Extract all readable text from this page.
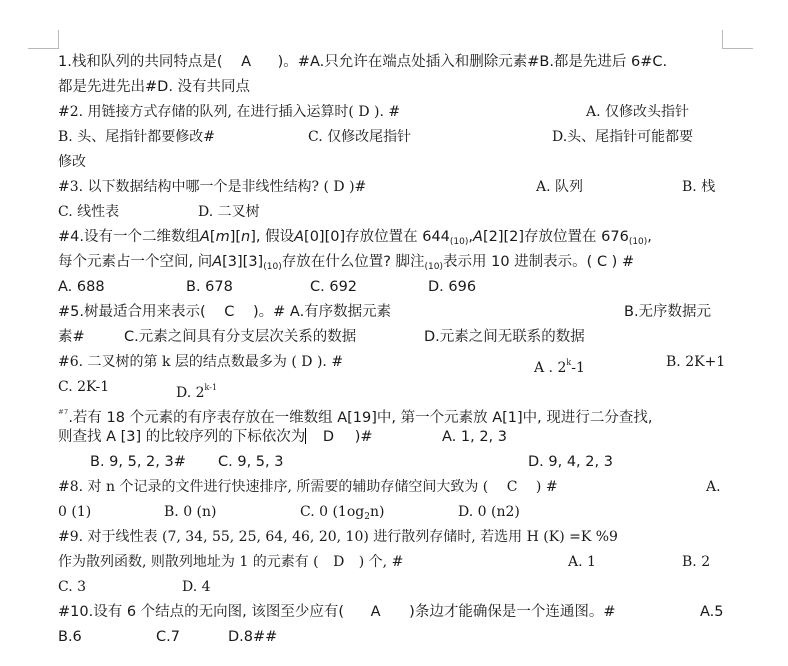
1.栈和队列的共同特点是( A )。#A.只允许在端点处插入和删除元素#B.都是先进后 6#C.
都是先进先出#D. 没有共同点
#2. 用链接方式存储的队列, 在进行插入运算时( D ). #	A. 仅修改头指针
B. 头、尾指针都要修改#	C. 仅修改尾指针	D.头、尾指针可能都要
修改
#3. 以下数据结构中哪一个是非线性结构? ( D )#	A. 队列	B. 栈
C. 线性表	D. 二叉树
#4.设有一个二维数组A[m][n], 假设A[0][0]存放位置在 644(10),A[2][2]存放位置在 676(10),
每个元素占一个空间, 问A[3][3](10)存放在什么位置? 脚注(10)表示用 10 进制表示。( C ) #
A. 688	B. 678	C. 692	D. 696
#5.树最适合用来表示( C )。# A.有序数据元素	B.无序数据元
素#	C.元素之间具有分支层次关系的数据	D.元素之间无联系的数据
#6. 二叉树的第 k 层的结点数最多为 ( D ). #	A . 2k-1	B. 2K+1
C. 2K-1	D. 2k-1
#7.若有 18 个元素的有序表存放在一维数组 A[19]中, 第一个元素放 A[1]中, 现进行二分查找,
则查找 A [3] 的比较序列的下标依次为 D )#	A. 1, 2, 3
B. 9, 5, 2, 3# C. 9, 5, 3	D. 9, 4, 2, 3
#8. 对 n 个记录的文件进行快速排序, 所需要的辅助存储空间大致为 ( C ) #	A.
0 (1)	B. 0 (n)	C. 0 (1og2n)	D. 0 (n2)
#9. 对于线性表 (7, 34, 55, 25, 64, 46, 20, 10) 进行散列存储时, 若选用 H (K) =K %9
作为散列函数, 则散列地址为 1 的元素有 ( D ) 个, #	A. 1	B. 2
C. 3	D. 4
#10.设有 6 个结点的无向图, 该图至少应有( A )条边才能确保是一个连通图。#	A.5
B.6	C.7	D.8##
